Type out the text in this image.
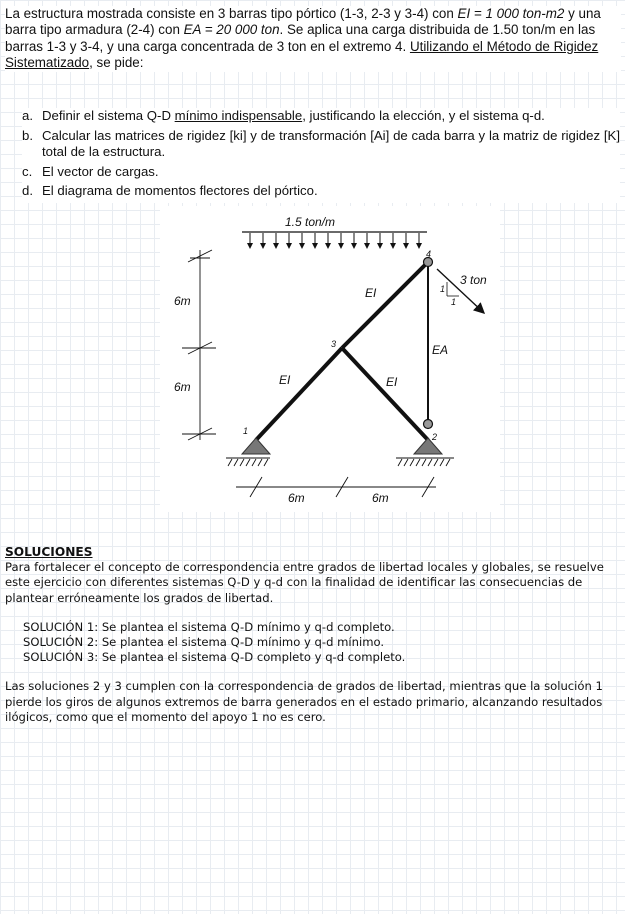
La estructura mostrada consiste en 3 barras tipo pórtico (1-3, 2-3 y 3-4) con EI = 1 000 ton-m2 y una barra tipo armadura (2-4) con EA = 20 000 ton. Se aplica una carga distribuida de 1.50 ton/m en las barras 1-3 y 3-4, y una carga concentrada de 3 ton en el extremo 4. Utilizando el Método de Rigidez Sistematizado, se pide:
a. Definir el sistema Q-D mínimo indispensable, justificando la elección, y el sistema q-d.
b. Calcular las matrices de rigidez [ki] y de transformación [Ai] de cada barra y la matriz de rigidez [K] total de la estructura.
c. El vector de cargas.
d. El diagrama de momentos flectores del pórtico.
1.5 ton/m
6m
6m
3 ton
1
1
EI
EI	EI
EA
1
2
3
4
6m	6m
SOLUCIONES

Para fortalecer el concepto de correspondencia entre grados de libertad locales y globales, se resuelve este ejercicio con diferentes sistemas Q-D y q-d con la finalidad de identificar las consecuencias de plantear erróneamente los grados de libertad.

SOLUCIÓN 1: Se plantea el sistema Q-D mínimo y q-d completo.
SOLUCIÓN 2: Se plantea el sistema Q-D mínimo y q-d mínimo.
SOLUCIÓN 3: Se plantea el sistema Q-D completo y q-d completo.

Las soluciones 2 y 3 cumplen con la correspondencia de grados de libertad, mientras que la solución 1 pierde los giros de algunos extremos de barra generados en el estado primario, alcanzando resultados ilógicos, como que el momento del apoyo 1 no es cero.
